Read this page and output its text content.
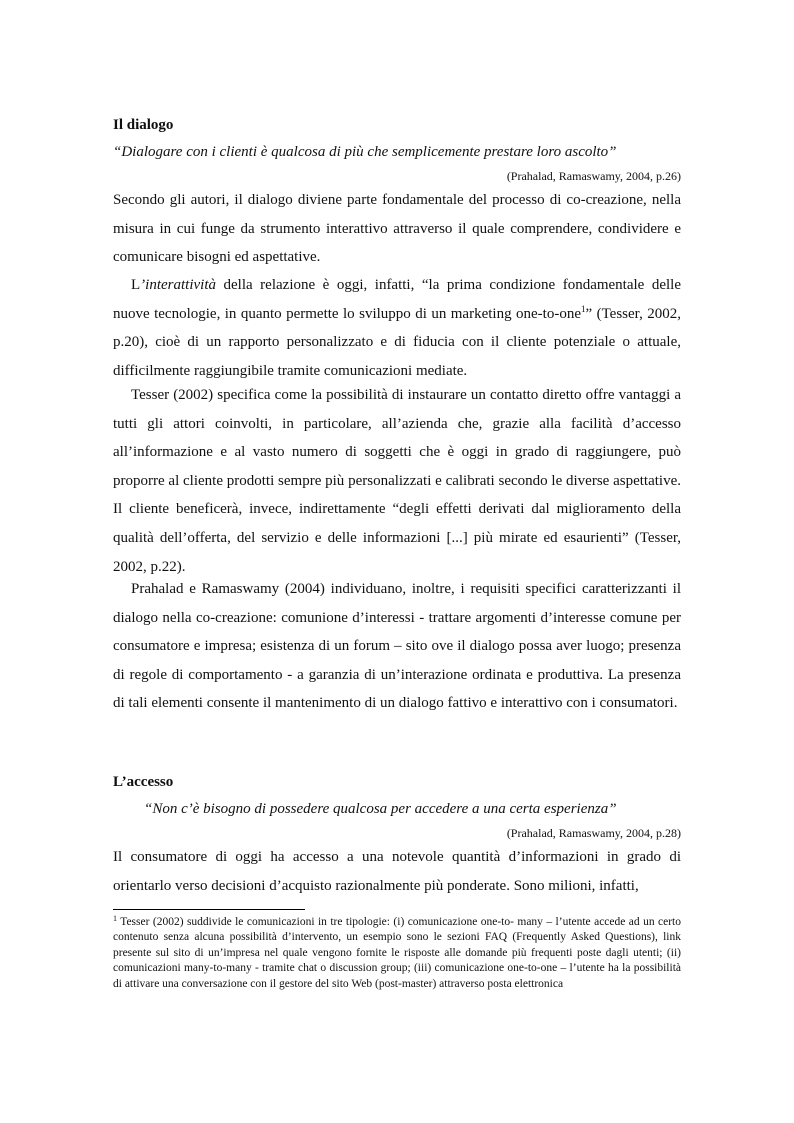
Il dialogo
“Dialogare con i clienti è qualcosa di più che semplicemente prestare loro ascolto”
(Prahalad, Ramaswamy, 2004, p.26)
Secondo gli autori, il dialogo diviene parte fondamentale del processo di co-creazione, nella misura in cui funge da strumento interattivo attraverso il quale comprendere, condividere e comunicare bisogni ed aspettative.
L’interattività della relazione è oggi, infatti, “la prima condizione fondamentale delle nuove tecnologie, in quanto permette lo sviluppo di un marketing one-to-one$^1$” (Tesser, 2002, p.20), cioè di un rapporto personalizzato e di fiducia con il cliente potenziale o attuale, difficilmente raggiungibile tramite comunicazioni mediate.
Tesser (2002) specifica come la possibilità di instaurare un contatto diretto offre vantaggi a tutti gli attori coinvolti, in particolare, all’azienda che, grazie alla facilità d’accesso all’informazione e al vasto numero di soggetti che è oggi in grado di raggiungere, può proporre al cliente prodotti sempre più personalizzati e calibrati secondo le diverse aspettative. Il cliente beneficerà, invece, indirettamente “degli effetti derivati dal miglioramento della qualità dell’offerta, del servizio e delle informazioni [...] più mirate ed esaurienti” (Tesser, 2002, p.22).
Prahalad e Ramaswamy (2004) individuano, inoltre, i requisiti specifici caratterizzanti il dialogo nella co-creazione: comunione d’interessi - trattare argomenti d’interesse comune per consumatore e impresa; esistenza di un forum – sito ove il dialogo possa aver luogo; presenza di regole di comportamento - a garanzia di un’interazione ordinata e produttiva. La presenza di tali elementi consente il mantenimento di un dialogo fattivo e interattivo con i consumatori.
L’accesso
“Non c’è bisogno di possedere qualcosa per accedere a una certa esperienza”
(Prahalad, Ramaswamy, 2004, p.28)
Il consumatore di oggi ha accesso a una notevole quantità d’informazioni in grado di orientarlo verso decisioni d’acquisto razionalmente più ponderate. Sono milioni, infatti,
$^1$ Tesser (2002) suddivide le comunicazioni in tre tipologie: (i) comunicazione one-to- many – l’utente accede ad un certo contenuto senza alcuna possibilità d’intervento, un esempio sono le sezioni FAQ (Frequently Asked Questions), link presente sul sito di un’impresa nel quale vengono fornite le risposte alle domande più frequenti poste dagli utenti; (ii) comunicazioni many-to-many - tramite chat o discussion group; (iii) comunicazione one-to-one – l’utente ha la possibilità di attivare una conversazione con il gestore del sito Web (post-master) attraverso posta elettronica
